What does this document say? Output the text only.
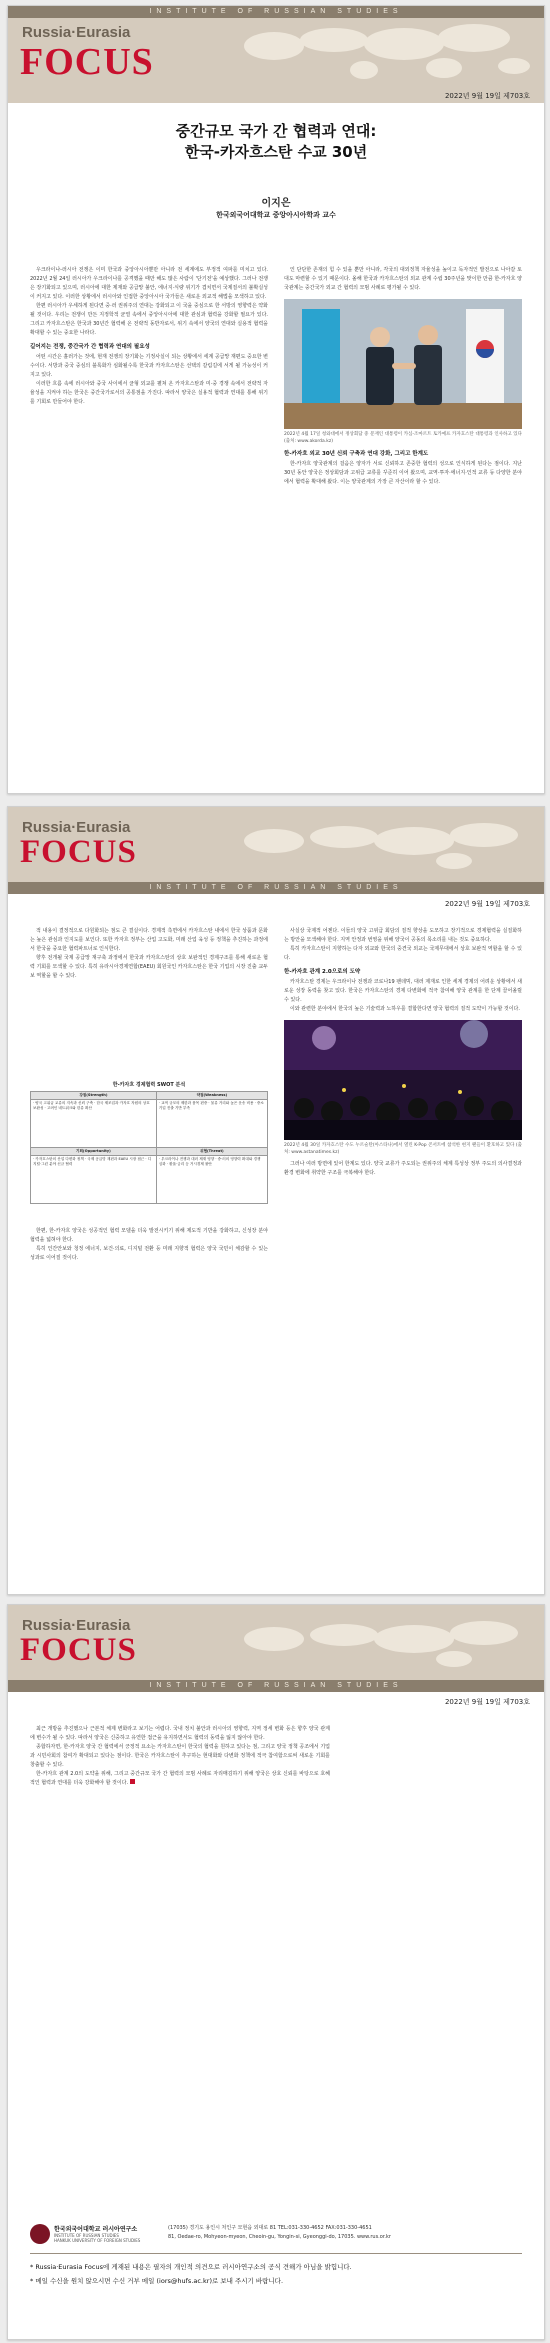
INSTITUTE OF RUSSIAN STUDIES
Russia·Eurasia
FOCUS
2022년 9월 19일 제703호
중간규모 국가 간 협력과 연대:
한국-카자흐스탄 수교 30년
이지은
한국외국어대학교 중앙아시아학과 교수

우크라이나-러시아 전쟁은 이미 한국과 중앙아시아뿐만 아니라 전 세계에도 부정적 여파를 미치고 있다. 2022년 2월 24일 러시아가 우크라이나를 공격했을 때만 해도 많은 사람이 '단기전'을 예상했다. 그러나 전쟁은 장기화되고 있으며, 러시아에 대한 제재와 공급망 불안, 에너지·식량 위기가 겹치면서 국제질서의 불확실성이 커지고 있다. 이러한 상황에서 러시아와 인접한 중앙아시아 국가들은 새로운 외교적 해법을 모색하고 있다.

한편 러시아가 우세하게 된다면 중·러 권위주의 연대는 강화되고 이 국을 중심으로 한 서방의 영향력은 약화될 것이다. 우리는 전쟁이 만든 지정학적 균열 속에서 중앙아시아에 대한 관심과 협력을 강화할 필요가 있다. 그리고 카자흐스탄은 한국과 30년간 협력해 온 전략적 동반자로서, 위기 속에서 양국의 연대와 실용적 협력을 확대할 수 있는 중요한 나라다.

길어지는 전쟁, 중간국가 간 협력과 연대의 필요성

어떤 시간은 흘러가는 것에, 현재 전쟁의 장기화는 기정사실이 되는 상황에서 세계 공급망 재편도 중요한 변수이다. 서방과 중국 중심의 블록화가 심화될수록 한국과 카자흐스탄은 선택의 갈림길에 서게 될 가능성이 커지고 있다.

이러한 흐름 속에 러시아와 중국 사이에서 균형 외교를 펼쳐 온 카자흐스탄과 미·중 경쟁 속에서 전략적 자율성을 지켜야 하는 한국은 중간국가로서의 공통점을 가진다. 따라서 양국은 실용적 협력과 연대를 통해 위기를 기회로 만들어야 한다.

인 단단한 존재의 힘 수 있을 뿐만 아니라, 각국의 대외정책 자율성을 높이고 독자적인 발전으로 나아갈 토대도 마련할 수 있기 때문이다. 올해 한국과 카자흐스탄의 외교 관계 수립 30주년을 맞이한 만큼 한-카자흐 양국관계는 중간국가 외교 간 협력의 모범 사례로 평가될 수 있다.

2022년 4월 17일 청와대에서 정상회담 중 문재인 대통령이 카심-조마르트 토카예프 카자흐스탄 대통령과 인사하고 있다 (출처: www.akorda.kz)
한-카자흐 외교 30년 신뢰 구축과 연대 강화, 그리고 한계도

한-카자흐 양국관계의 걸음은 양자가 서로 신뢰하고 존중한 협력의 성으로 인식하게 된다는 점이다. 지난 30년 동안 양국은 정상회담과 고위급 교류를 꾸준히 이어 왔으며, 교역·투자·에너지·인적 교류 등 다양한 분야에서 협력을 확대해 왔다. 이는 양국관계의 가장 큰 자산이라 할 수 있다.

Russia·Eurasia
FOCUS
INSTITUTE OF RUSSIAN STUDIES
2022년 9월 19일 제703호

적 내용이 결정적으로 다원화되는 점도 큰 결실이다. 경제적 측면에서 카자흐스탄 내에서 한국 상품과 문화는 높은 관심과 인지도를 보인다. 또한 카자흐 정부는 산업 고도화, 미래 산업 육성 등 정책을 추진하는 과정에서 한국을 중요한 협력파트너로 인식한다.

향후 전개될 국제 공급망 재구축 과정에서 한국과 카자흐스탄의 상호 보완적인 경제구조를 통해 새로운 협력 기회를 모색할 수 있다. 특히 유라시아경제연합(EAEU) 회원국인 카자흐스탄은 한국 기업의 시장 진출 교두보 역할을 할 수 있다.

한-카자흐 경제협력 SWOT 분석
강점(Strength)	약점(Weakness)
· 양국 고위급 교류의 지속과 신뢰 구축 · 한국 제조업과 카자흐 자원의 상호 보완성 · 고려인 네트워크와 한류 확산	· 교역 규모의 제한과 품목 편중 · 물류 거리와 높은 운송 비용 · 중소기업 진출 기반 부족
기회(Opportunity)	위협(Threat)
· 카자흐스탄의 산업 다변화 정책 · 국제 공급망 재편과 EAEU 시장 접근 · 디지털·그린 분야 신규 협력	· 우크라이나 전쟁과 대러 제재 영향 · 중·러의 영향력 확대와 경쟁 심화 · 환율·금리 등 거시경제 불안

한편, 한-카자흐 양국은 성공적인 협력 모델을 더욱 발전시키기 위해 제도적 기반을 강화하고, 신성장 분야 협력을 넓혀야 한다.

특히 인간안보와 청정 에너지, 보건·의료, 디지털 전환 등 미래 지향적 협력은 양국 국민이 체감할 수 있는 성과로 이어질 것이다.

사실상 국제적 어젠다. 이들의 양국 고위급 회담의 질적 향상을 도모하고 장기적으로 경제협력을 실질화하는 방안을 모색해야 한다. 지역 안정과 번영을 위해 양국이 공동의 목소리를 내는 것도 중요하다.

특히 카자흐스탄이 지향하는 다자 외교와 한국의 중견국 외교는 국제무대에서 상호 보완적 역할을 할 수 있다.

한-카자흐 관계 2.0으로의 도약

카자흐스탄 경제는 우크라이나 전쟁과 코로나19 팬데믹, 대러 제재로 인한 세계 경제의 어려운 상황에서 새로운 성장 동력을 찾고 있다. 한국은 카자흐스탄의 경제 다변화에 적극 참여해 양국 관계를 한 단계 끌어올릴 수 있다.

이와 관련한 분야에서 한국의 높은 기술력과 노하우를 결합한다면 양국 협력의 질적 도약이 가능할 것이다.

2022년 4월 30일 카자흐스탄 수도 누르술탄(아스타나)에서 열린 K-Pop 콘서트에 참석한 현지 팬들이 환호하고 있다 (출처: www.astanatimes.kz)

그러나 여러 방면에 있어 한계도 있다. 양국 교류가 주도되는 권위주의 체계 특성상 정부 주도의 의사결정과 환경 변화에 취약한 구조를 극복해야 한다.

Russia·Eurasia
FOCUS
INSTITUTE OF RUSSIAN STUDIES
2022년 9월 19일 제703호

최근 개방을 추진했으나 근본적 체제 변화라고 보기는 어렵다. 국내 정치 불안과 러시아의 영향력, 지역 정세 변화 등은 향후 양국 관계에 변수가 될 수 있다. 따라서 양국은 신중하고 유연한 접근을 유지하면서도 협력의 동력을 잃지 않아야 한다.

종합하자면, 한-카자흐 양국 간 협력에서 긍정적 요소는 카자흐스탄이 한국의 협력을 원하고 있다는 점, 그리고 양국 정책 공조에서 기업과 시민사회의 참여가 확대되고 있다는 점이다. 한국은 카자흐스탄이 추구하는 현대화와 다변화 정책에 적극 참여함으로써 새로운 기회를 창출할 수 있다.

한-카자흐 관계 2.0의 도약을 위해, 그리고 중간규모 국가 간 협력의 모범 사례로 자리매김하기 위해 양국은 상호 신뢰를 바탕으로 호혜적인 협력과 연대를 더욱 강화해야 할 것이다.

한국외국어대학교 러시아연구소
INSTITUTE OF RUSSIAN STUDIES
HANKUK UNIVERSITY OF FOREIGN STUDIES
(17035) 경기도 용인시 처인구 모현읍 외대로 81 TEL:031-330-4652 FAX:031-330-4651
81, Oedae-ro, Mohyeon-myeon, Cheoin-gu, Yongin-si, Gyeonggi-do, 17035. www.rus.or.kr
* Russia·Eurasia Focus에 게재된 내용은 필자의 개인적 의견으로 러시아연구소의 공식 견해가 아님을 밝힙니다.
* 메일 수신을 원치 않으시면 수신 거부 메일 (iors@hufs.ac.kr)로 보내 주시기 바랍니다.
